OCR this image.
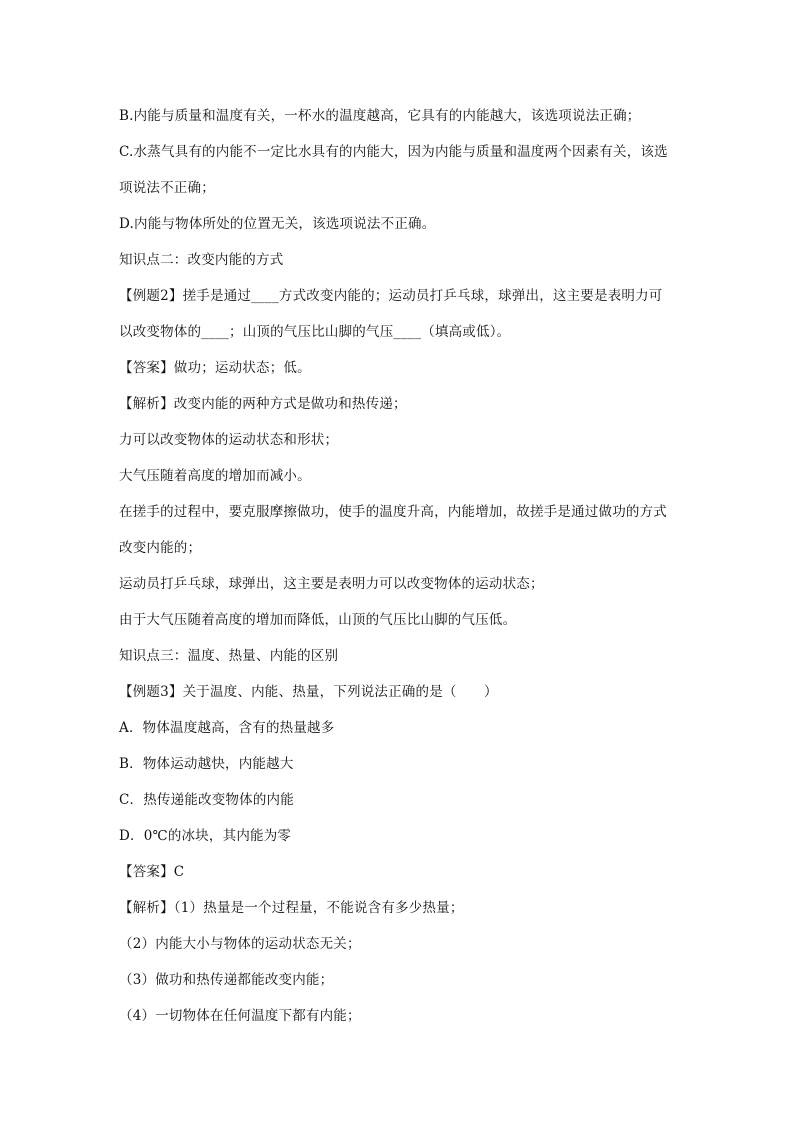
B.内能与质量和温度有关，一杯水的温度越高，它具有的内能越大，该选项说法正确；
C.水蒸气具有的内能不一定比水具有的内能大，因为内能与质量和温度两个因素有关，该选
项说法不正确；
D.内能与物体所处的位置无关，该选项说法不正确。
知识点二：改变内能的方式
【例题2】搓手是通过____方式改变内能的；运动员打乒乓球，球弹出，这主要是表明力可
以改变物体的____；山顶的气压比山脚的气压____（填高或低）。
【答案】做功；运动状态；低。
【解析】改变内能的两种方式是做功和热传递；
力可以改变物体的运动状态和形状；
大气压随着高度的增加而减小。
在搓手的过程中，要克服摩擦做功，使手的温度升高，内能增加，故搓手是通过做功的方式
改变内能的；
运动员打乒乓球，球弹出，这主要是表明力可以改变物体的运动状态；
由于大气压随着高度的增加而降低，山顶的气压比山脚的气压低。
知识点三：温度、热量、内能的区别
【例题3】关于温度、内能、热量，下列说法正确的是（　　）
A．物体温度越高，含有的热量越多
B．物体运动越快，内能越大
C．热传递能改变物体的内能
D．0℃的冰块，其内能为零
【答案】C
【解析】（1）热量是一个过程量，不能说含有多少热量；
（2）内能大小与物体的运动状态无关；
（3）做功和热传递都能改变内能；
（4）一切物体在任何温度下都有内能；
